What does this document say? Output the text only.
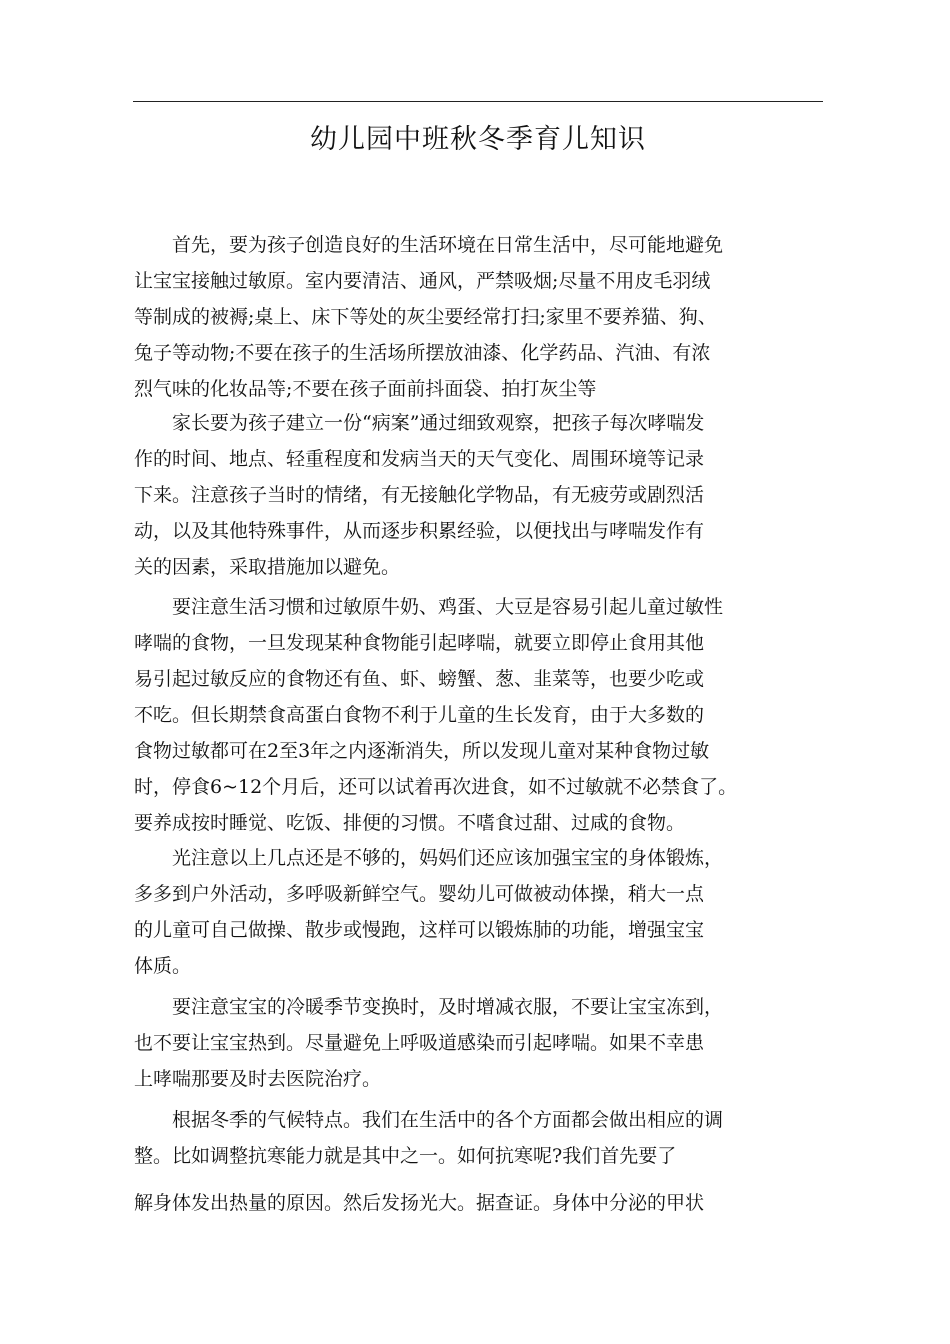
幼儿园中班秋冬季育儿知识
首先，要为孩子创造良好的生活环境在日常生活中，尽可能地避免
让宝宝接触过敏原。室内要清洁、通风，严禁吸烟;尽量不用皮毛羽绒
等制成的被褥;桌上、床下等处的灰尘要经常打扫;家里不要养猫、狗、
兔子等动物;不要在孩子的生活场所摆放油漆、化学药品、汽油、有浓
烈气味的化妆品等;不要在孩子面前抖面袋、拍打灰尘等
家长要为孩子建立一份“病案”通过细致观察，把孩子每次哮喘发
作的时间、地点、轻重程度和发病当天的天气变化、周围环境等记录
下来。注意孩子当时的情绪，有无接触化学物品，有无疲劳或剧烈活
动，以及其他特殊事件，从而逐步积累经验，以便找出与哮喘发作有
关的因素，采取措施加以避免。
要注意生活习惯和过敏原牛奶、鸡蛋、大豆是容易引起儿童过敏性
哮喘的食物，一旦发现某种食物能引起哮喘，就要立即停止食用其他
易引起过敏反应的食物还有鱼、虾、螃蟹、葱、韭菜等，也要少吃或
不吃。但长期禁食高蛋白食物不利于儿童的生长发育，由于大多数的
食物过敏都可在2至3年之内逐渐消失，所以发现儿童对某种食物过敏
时，停食6~12个月后，还可以试着再次进食，如不过敏就不必禁食了。
要养成按时睡觉、吃饭、排便的习惯。不嗜食过甜、过咸的食物。
光注意以上几点还是不够的，妈妈们还应该加强宝宝的身体锻炼，
多多到户外活动，多呼吸新鲜空气。婴幼儿可做被动体操，稍大一点
的儿童可自己做操、散步或慢跑，这样可以锻炼肺的功能，增强宝宝
体质。
要注意宝宝的冷暖季节变换时，及时增减衣服，不要让宝宝冻到，
也不要让宝宝热到。尽量避免上呼吸道感染而引起哮喘。如果不幸患
上哮喘那要及时去医院治疗。
根据冬季的气候特点。我们在生活中的各个方面都会做出相应的调
整。比如调整抗寒能力就是其中之一。如何抗寒呢?我们首先要了
解身体发出热量的原因。然后发扬光大。据查证。身体中分泌的甲状
